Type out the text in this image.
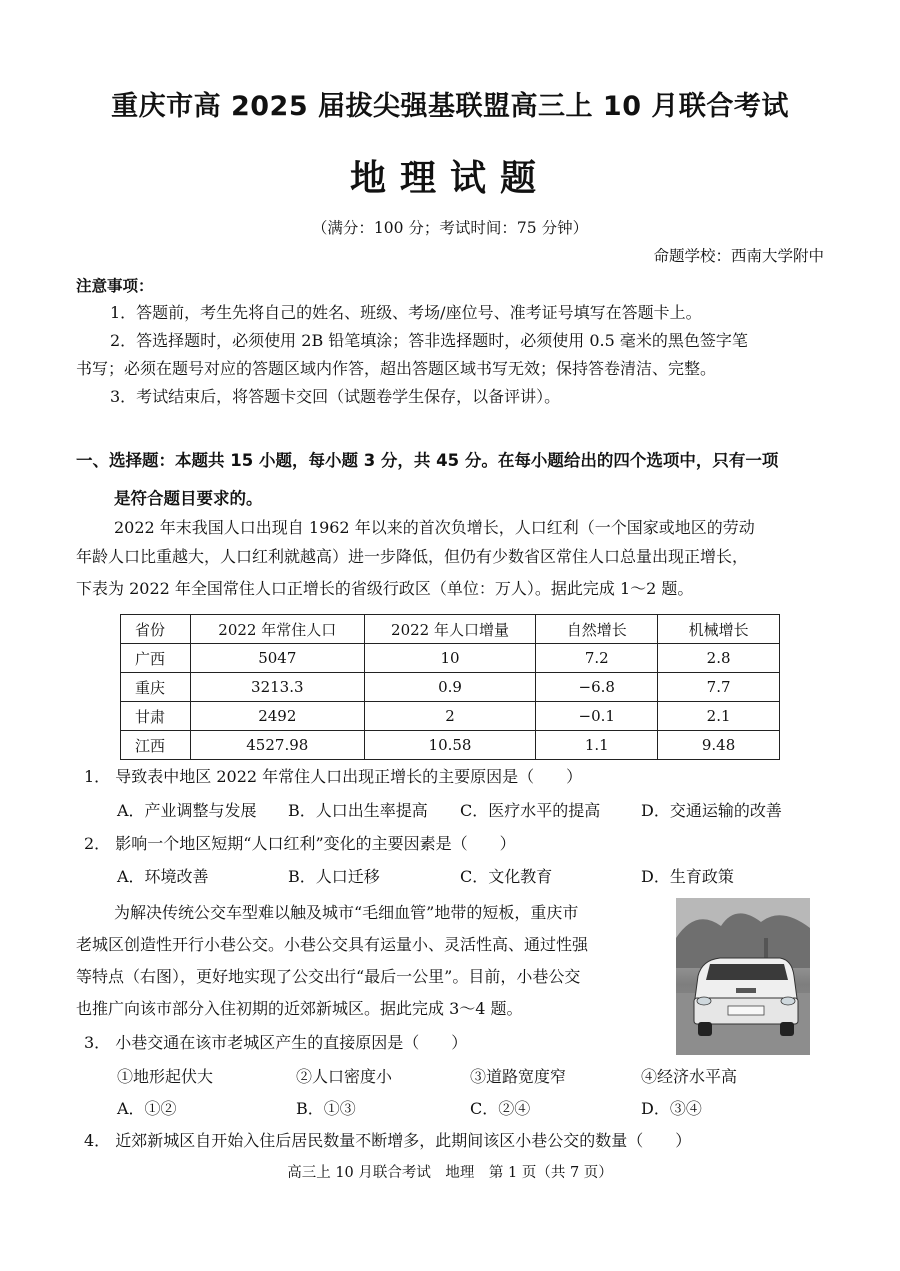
重庆市高 2025 届拔尖强基联盟高三上 10 月联合考试
地理试题
（满分：100 分；考试时间：75 分钟）
命题学校：西南大学附中
注意事项：
1．答题前，考生先将自己的姓名、班级、考场/座位号、准考证号填写在答题卡上。
2．答选择题时，必须使用 2B 铅笔填涂；答非选择题时，必须使用 0.5 毫米的黑色签字笔
书写；必须在题号对应的答题区域内作答，超出答题区域书写无效；保持答卷清洁、完整。
3．考试结束后，将答题卡交回（试题卷学生保存，以备评讲）。
一、选择题：本题共 15 小题，每小题 3 分，共 45 分。在每小题给出的四个选项中，只有一项
是符合题目要求的。
2022 年末我国人口出现自 1962 年以来的首次负增长，人口红利（一个国家或地区的劳动
年龄人口比重越大，人口红利就越高）进一步降低，但仍有少数省区常住人口总量出现正增长，
下表为 2022 年全国常住人口正增长的省级行政区（单位：万人）。据此完成 1～2 题。
省份	2022 年常住人口	2022 年人口增量	自然增长	机械增长
广西	5047	10	7.2	2.8
重庆	3213.3	0.9	−6.8	7.7
甘肃	2492	2	−0.1	2.1
江西	4527.98	10.58	1.1	9.48
1． 导致表中地区 2022 年常住人口出现正增长的主要原因是（　　）
A．产业调整与发展 B．人口出生率提高 C．医疗水平的提高	D．交通运输的改善
2． 影响一个地区短期“人口红利”变化的主要因素是（　　）
A．环境改善	B．人口迁移	C．文化教育	D．生育政策
为解决传统公交车型难以触及城市“毛细血管”地带的短板，重庆市
老城区创造性开行小巷公交。小巷公交具有运量小、灵活性高、通过性强
等特点（右图），更好地实现了公交出行“最后一公里”。目前，小巷公交
也推广向该市部分入住初期的近郊新城区。据此完成 3～4 题。
3． 小巷交通在该市老城区产生的直接原因是（　　）
①地形起伏大	②人口密度小	③道路宽度窄	④经济水平高
A．①②	B．①③	C．②④	D．③④
4． 近郊新城区自开始入住后居民数量不断增多，此期间该区小巷公交的数量（　　）
高三上 10 月联合考试　地理　第 1 页（共 7 页）
